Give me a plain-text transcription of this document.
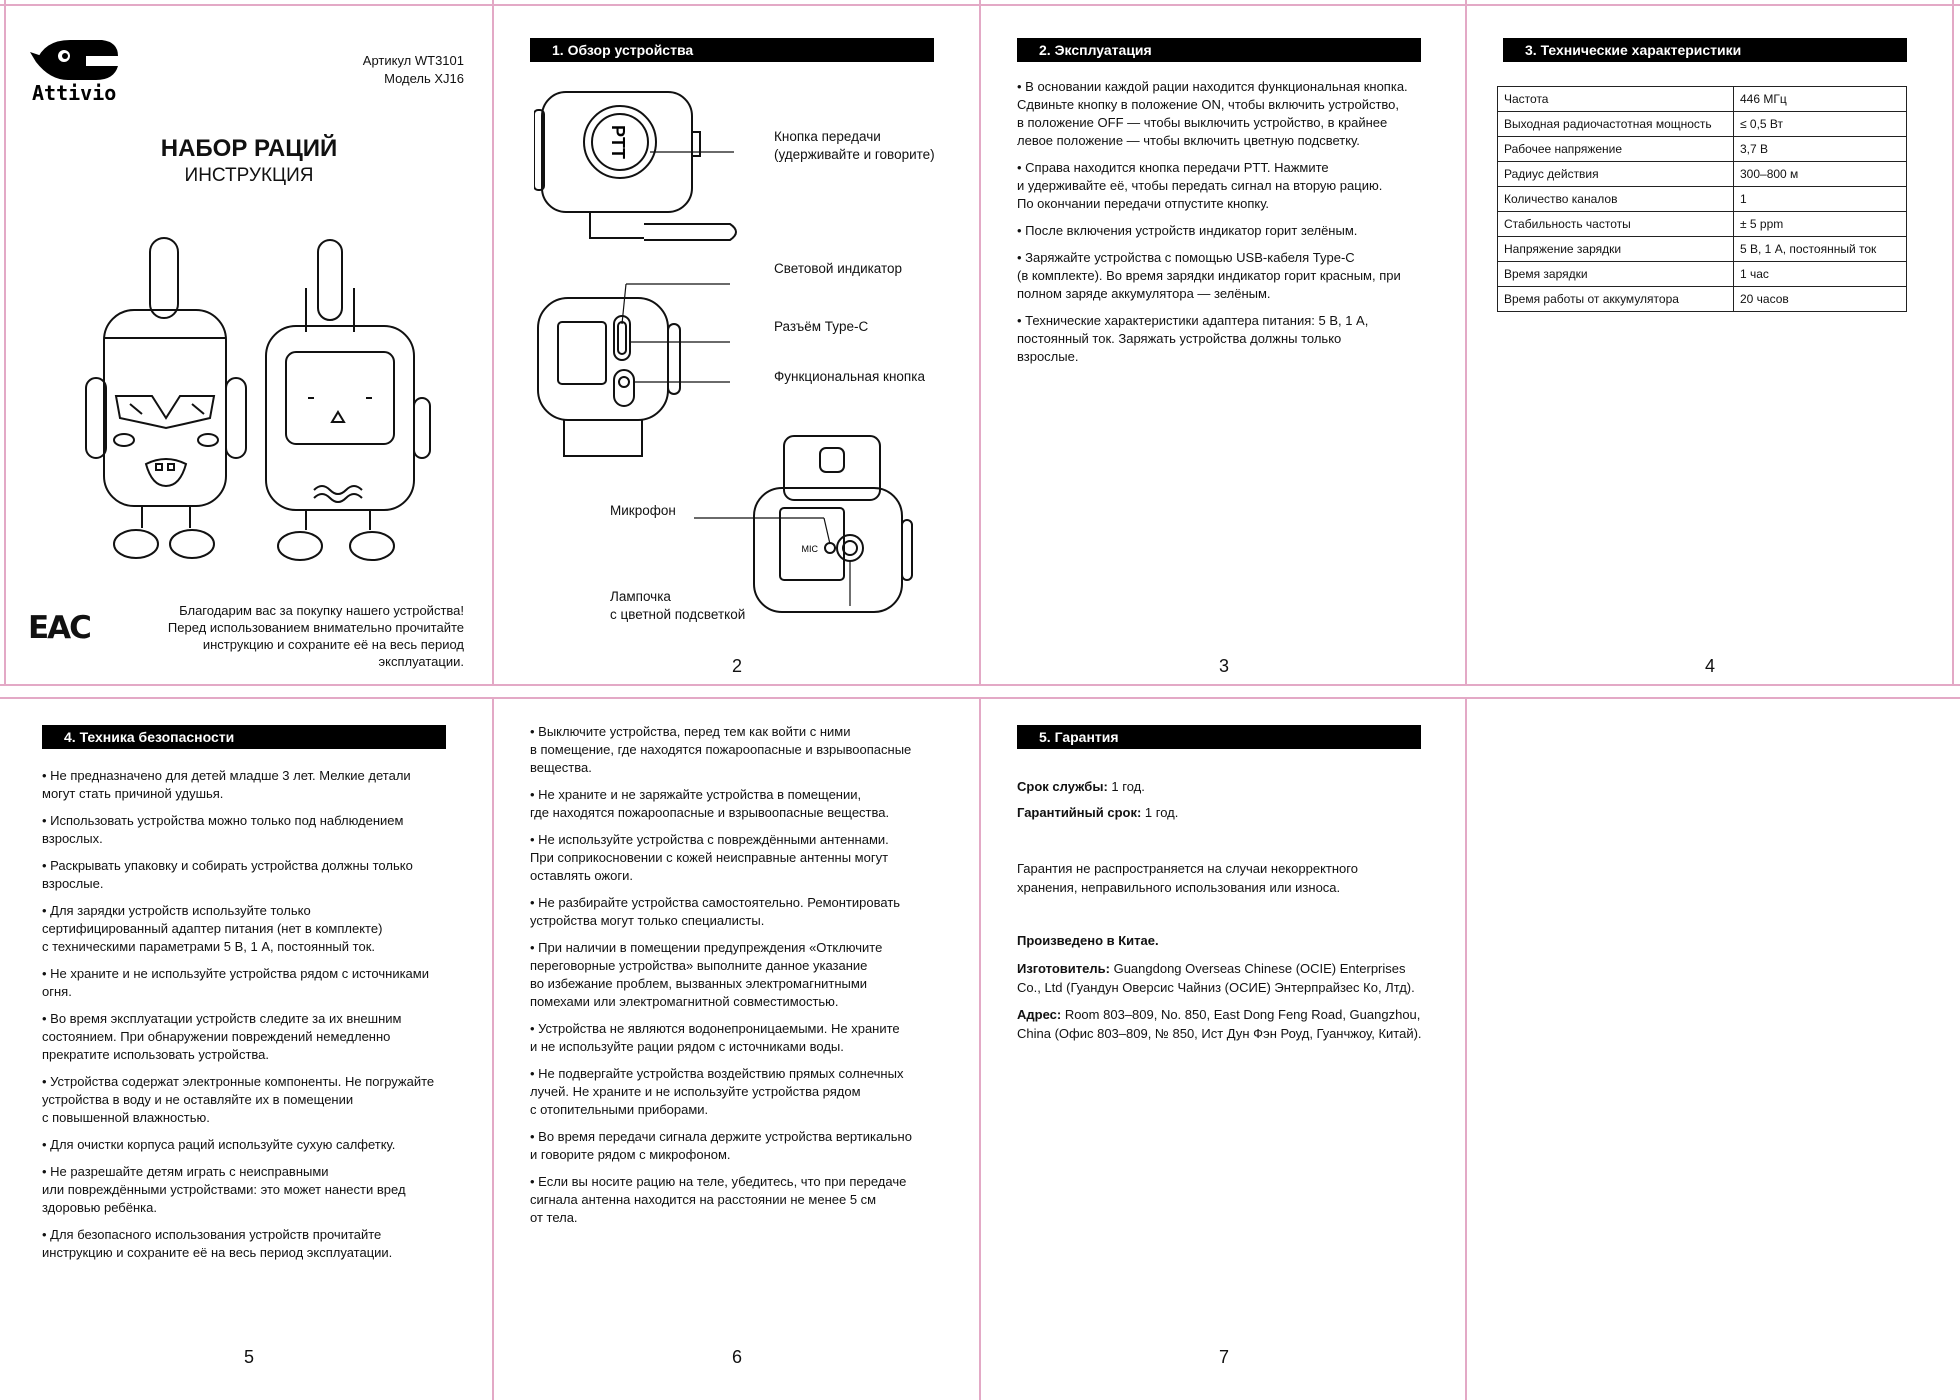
Attivio
Артикул WT3101
Модель XJ16
НАБОР РАЦИЙ
ИНСТРУКЦИЯ
ЕАС	Благодарим вас за покупку нашего устройства!
Перед использованием внимательно прочитайте
инструкцию и сохраните её на весь период
эксплуатации.
1. Обзор устройства
PTT
MIC
Кнопка передачи
(удерживайте и говорите)
Световой индикатор
Разъём Type-C
Функциональная кнопка
Микрофон
Лампочка
с цветной подсветкой
2
2. Эксплуатация

• В основании каждой рации находится функциональная кнопка.
Сдвиньте кнопку в положение ON, чтобы включить устройство,
в положение OFF — чтобы выключить устройство, в крайнее
левое положение — чтобы включить цветную подсветку.

• Справа находится кнопка передачи PTT. Нажмите
и удерживайте её, чтобы передать сигнал на вторую рацию.
По окончании передачи отпустите кнопку.

• После включения устройств индикатор горит зелёным.

• Заряжайте устройства с помощью USB-кабеля Type-C
(в комплекте). Во время зарядки индикатор горит красным, при
полном заряде аккумулятора — зелёным.

• Технические характеристики адаптера питания: 5 В, 1 А,
постоянный ток. Заряжать устройства должны только
взрослые.

3
3. Технические характеристики
Частота	446 МГц
Выходная радиочастотная мощность	≤ 0,5 Вт
Рабочее напряжение	3,7 В
Радиус действия	300–800 м
Количество каналов	1
Стабильность частоты	± 5 ppm
Напряжение зарядки	5 В, 1 А, постоянный ток
Время зарядки	1 час
Время работы от аккумулятора	20 часов
4
4. Техника безопасности

• Не предназначено для детей младше 3 лет. Мелкие детали
могут стать причиной удушья.

• Использовать устройства можно только под наблюдением
взрослых.

• Раскрывать упаковку и собирать устройства должны только
взрослые.

• Для зарядки устройств используйте только
сертифицированный адаптер питания (нет в комплекте)
с техническими параметрами 5 В, 1 А, постоянный ток.

• Не храните и не используйте устройства рядом с источниками
огня.

• Во время эксплуатации устройств следите за их внешним
состоянием. При обнаружении повреждений немедленно
прекратите использовать устройства.

• Устройства содержат электронные компоненты. Не погружайте
устройства в воду и не оставляйте их в помещении
с повышенной влажностью.

• Для очистки корпуса раций используйте сухую салфетку.

• Не разрешайте детям играть с неисправными
или повреждёнными устройствами: это может нанести вред
здоровью ребёнка.

• Для безопасного использования устройств прочитайте
инструкцию и сохраните её на весь период эксплуатации.

5

• Выключите устройства, перед тем как войти с ними
в помещение, где находятся пожароопасные и взрывоопасные
вещества.

• Не храните и не заряжайте устройства в помещении,
где находятся пожароопасные и взрывоопасные вещества.

• Не используйте устройства с повреждёнными антеннами.
При соприкосновении с кожей неисправные антенны могут
оставлять ожоги.

• Не разбирайте устройства самостоятельно. Ремонтировать
устройства могут только специалисты.

• При наличии в помещении предупреждения «Отключите
переговорные устройства» выполните данное указание
во избежание проблем, вызванных электромагнитными
помехами или электромагнитной совместимостью.

• Устройства не являются водонепроницаемыми. Не храните
и не используйте рации рядом с источниками воды.

• Не подвергайте устройства воздействию прямых солнечных
лучей. Не храните и не используйте устройства рядом
с отопительными приборами.

• Во время передачи сигнала держите устройства вертикально
и говорите рядом с микрофоном.

• Если вы носите рацию на теле, убедитесь, что при передаче
сигнала антенна находится на расстоянии не менее 5 см
от тела.

6
5. Гарантия
Срок службы: 1 год.
Гарантийный срок: 1 год.
Гарантия не распространяется на случаи некорректного
хранения, неправильного использования или износа.
Произведено в Китае.
Изготовитель: Guangdong Overseas Chinese (OCIE) Enterprises
Co., Ltd (Гуандун Оверсис Чайниз (ОСИЕ) Энтерпрайзес Ко, Лтд).
Адрес: Room 803–809, No. 850, East Dong Feng Road, Guangzhou,
China (Офис 803–809, № 850, Ист Дун Фэн Роуд, Гуанчжоу, Китай).
7
